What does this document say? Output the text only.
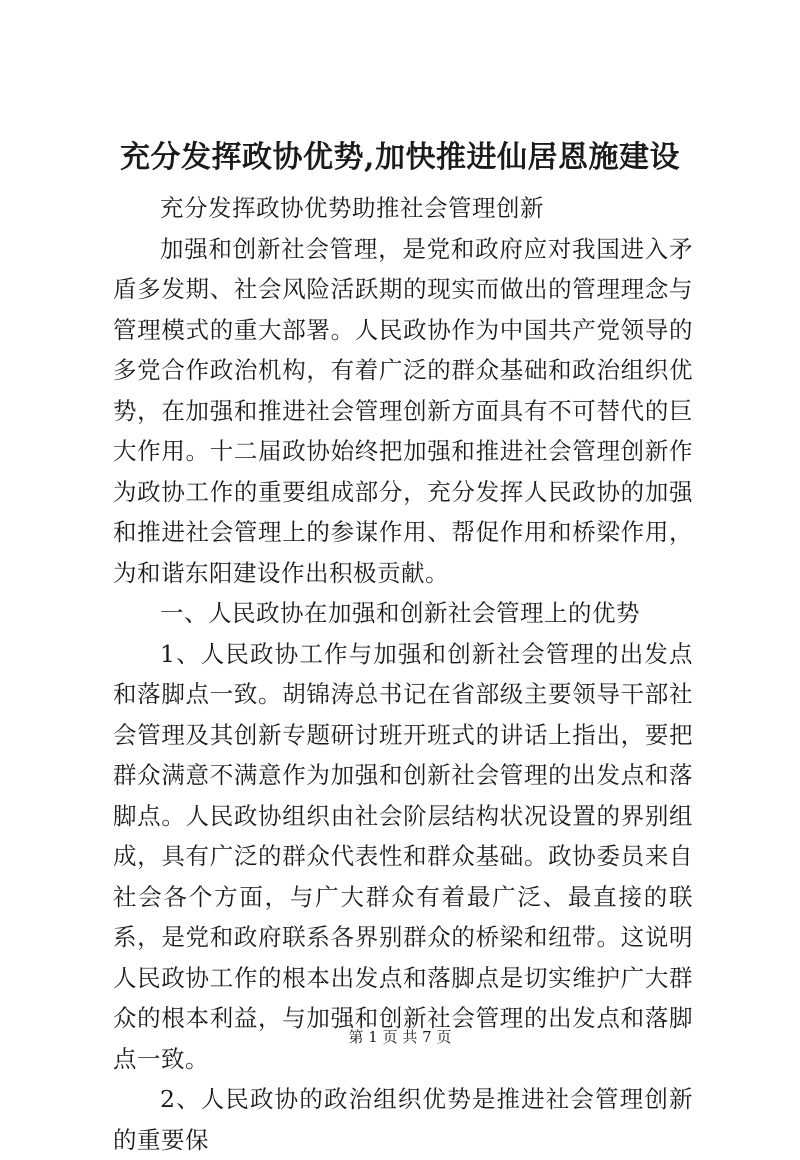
充分发挥政协优势,加快推进仙居恩施建设

充分发挥政协优势助推社会管理创新

加强和创新社会管理，是党和政府应对我国进入矛盾多发期、社会风险活跃期的现实而做出的管理理念与管理模式的重大部署。人民政协作为中国共产党领导的多党合作政治机构，有着广泛的群众基础和政治组织优势，在加强和推进社会管理创新方面具有不可替代的巨大作用。十二届政协始终把加强和推进社会管理创新作为政协工作的重要组成部分，充分发挥人民政协的加强和推进社会管理上的参谋作用、帮促作用和桥梁作用，为和谐东阳建设作出积极贡献。

一、人民政协在加强和创新社会管理上的优势

1、人民政协工作与加强和创新社会管理的出发点和落脚点一致。胡锦涛总书记在省部级主要领导干部社会管理及其创新专题研讨班开班式的讲话上指出，要把群众满意不满意作为加强和创新社会管理的出发点和落脚点。人民政协组织由社会阶层结构状况设置的界别组成，具有广泛的群众代表性和群众基础。政协委员来自社会各个方面，与广大群众有着最广泛、最直接的联系，是党和政府联系各界别群众的桥梁和纽带。这说明人民政协工作的根本出发点和落脚点是切实维护广大群众的根本利益，与加强和创新社会管理的出发点和落脚点一致。

2、人民政协的政治组织优势是推进社会管理创新的重要保

第 1 页 共 7 页
